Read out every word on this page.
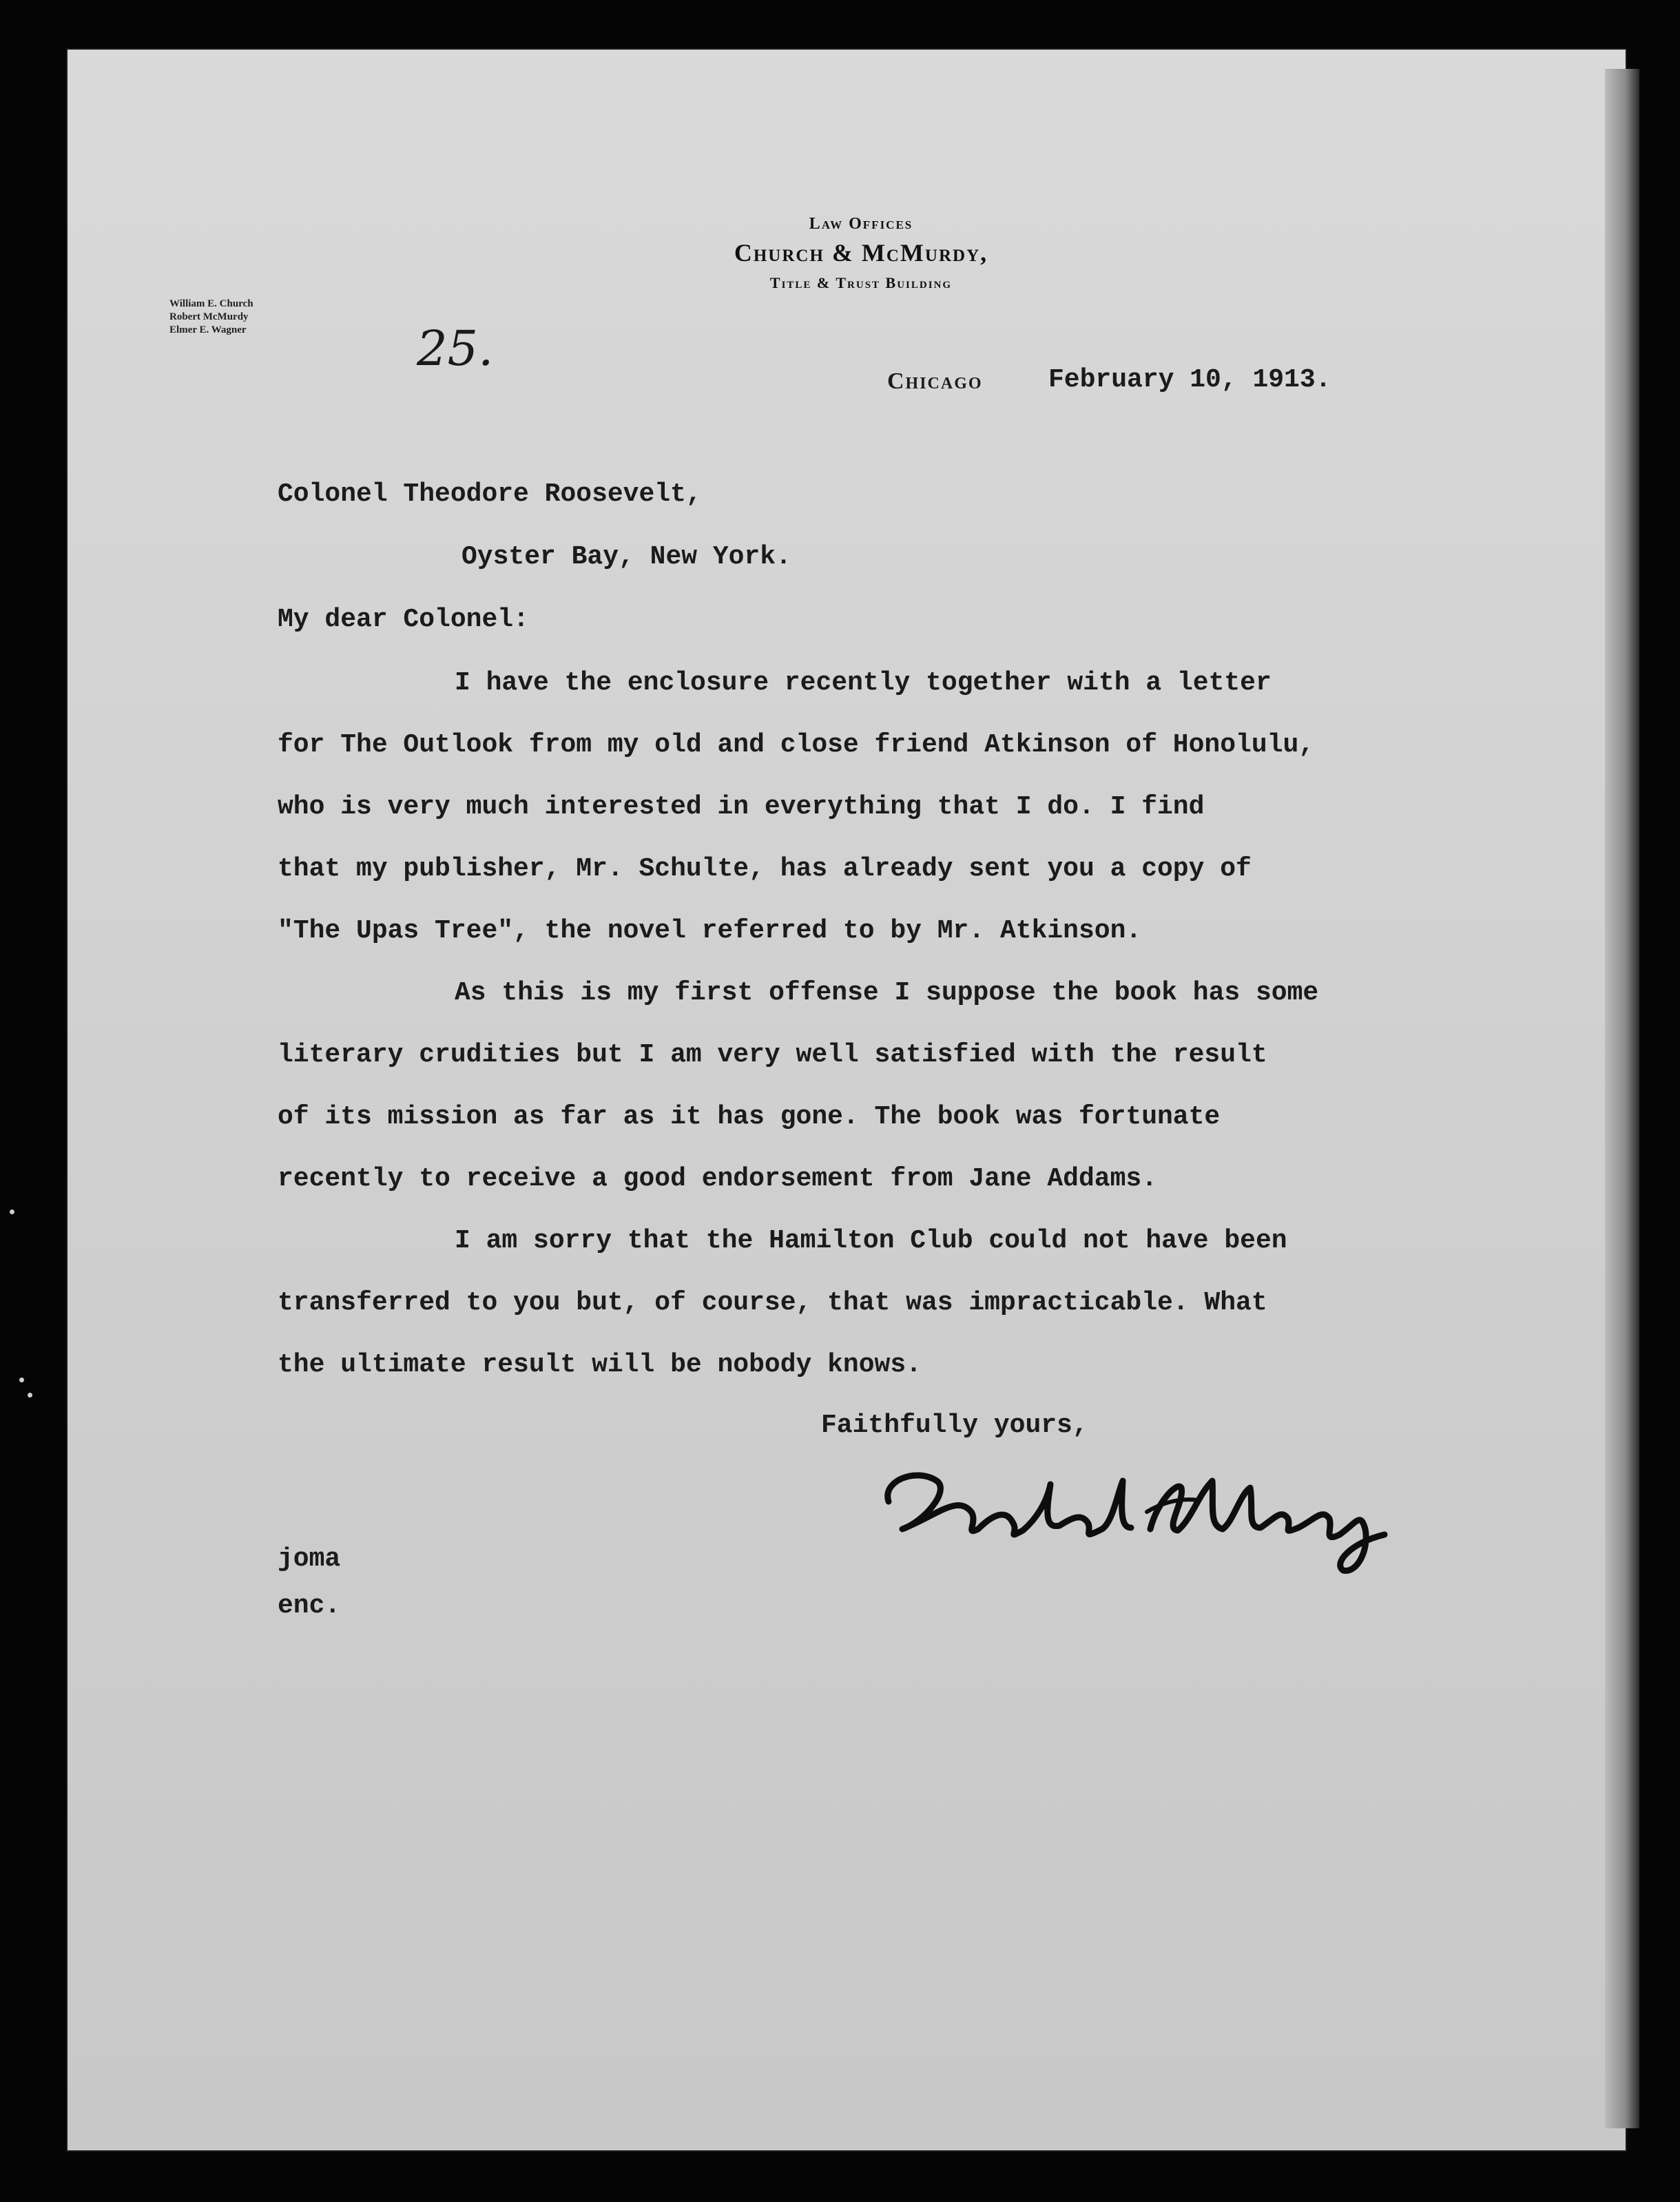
Law Offices
Church & McMurdy,
Title & Trust Building
William E. Church
Robert McMurdy
Elmer E. Wagner	25.
Chicago	February 10, 1913.
Colonel Theodore Roosevelt,
Oyster Bay, New York.
My dear Colonel:
I have the enclosure recently together with a letter
for The Outlook from my old and close friend Atkinson of Honolulu,
who is very much interested in everything that I do. I find
that my publisher, Mr. Schulte, has already sent you a copy of
"The Upas Tree", the novel referred to by Mr. Atkinson.
As this is my first offense I suppose the book has some
literary crudities but I am very well satisfied with the result
of its mission as far as it has gone. The book was fortunate
recently to receive a good endorsement from Jane Addams.
I am sorry that the Hamilton Club could not have been
transferred to you but, of course, that was impracticable. What
the ultimate result will be nobody knows.
Faithfully yours,
joma
enc.
